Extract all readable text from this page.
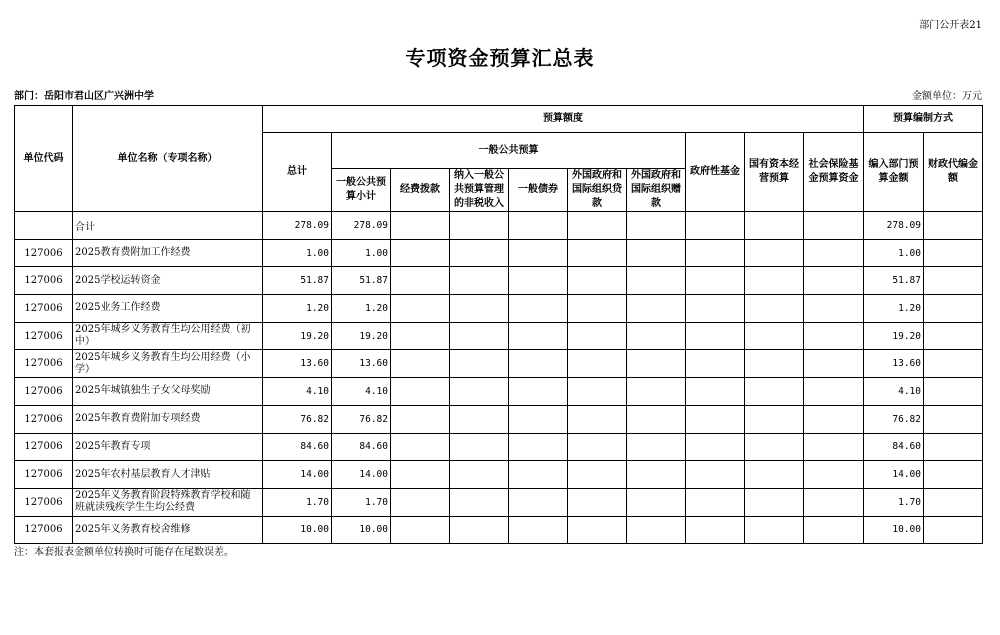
部门公开表21
专项资金预算汇总表
部门：岳阳市君山区广兴洲中学	金额单位：万元
单位代码	单位名称（专项名称）	预算额度										预算编制方式	
		总计	一般公共预算						政府性基金	国有资本经营预算	社会保险基金预算资金	编入部门预算金额	财政代编金额
			一般公共预算小计	经费拨款	纳入一般公共预算管理的非税收入	一般债券	外国政府和国际组织贷款	外国政府和国际组织赠款					
	合计	278.09	278.09									278.09	
127006	2025教育费附加工作经费	1.00	1.00									1.00	
127006	2025学校运转资金	51.87	51.87									51.87	
127006	2025业务工作经费	1.20	1.20									1.20	
127006	2025年城乡义务教育生均公用经费（初中）	19.20	19.20									19.20	
127006	2025年城乡义务教育生均公用经费（小学）	13.60	13.60									13.60	
127006	2025年城镇独生子女父母奖励	4.10	4.10									4.10	
127006	2025年教育费附加专项经费	76.82	76.82									76.82	
127006	2025年教育专项	84.60	84.60									84.60	
127006	2025年农村基层教育人才津贴	14.00	14.00									14.00	
127006	2025年义务教育阶段特殊教育学校和随班就读残疾学生生均公经费	1.70	1.70									1.70	
127006	2025年义务教育校舍维修	10.00	10.00									10.00	
注：本套报表金额单位转换时可能存在尾数误差。
